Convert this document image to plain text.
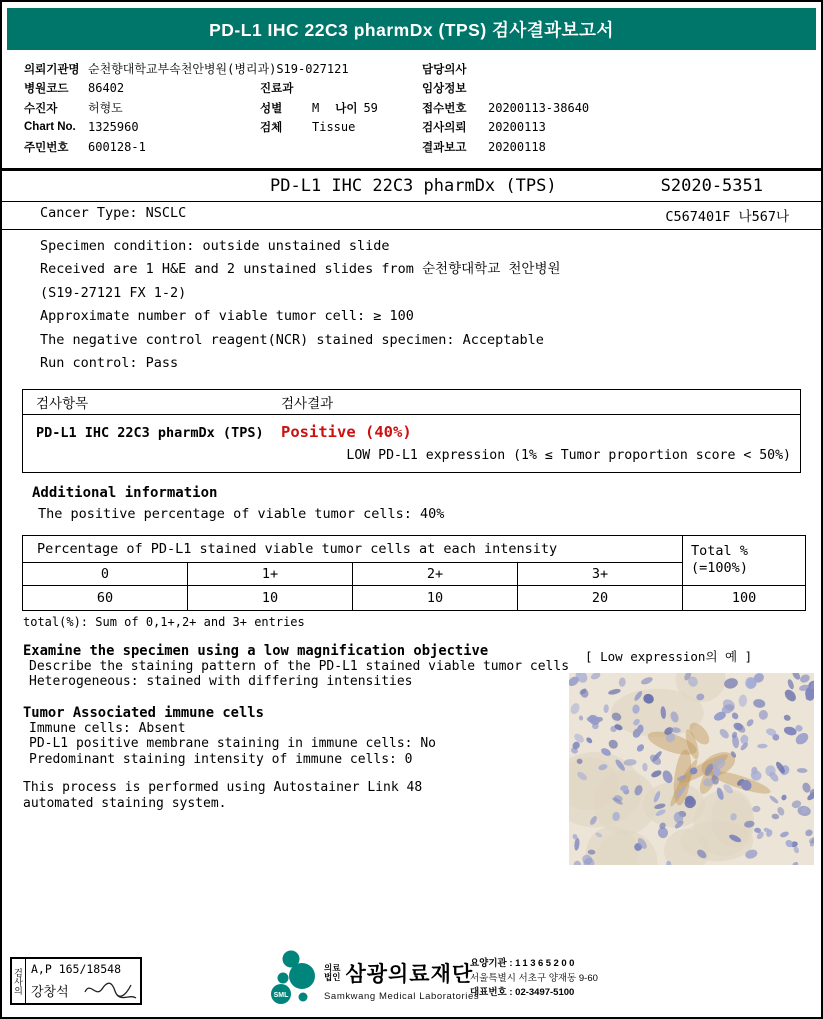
PD-L1 IHC 22C3 pharmDx (TPS) 검사결과보고서
의뢰기관명 순천향대학교부속천안병원(병리과)S19-027121	담당의사
병원코드	86402	진료과	임상정보
수진자	허형도	성별	M 나이 59	접수번호	20200113-38640
Chart No.	1325960	검체	Tissue	검사의뢰	20200113
주민번호	600128-1	결과보고	20200118
PD-L1 IHC 22C3 pharmDx (TPS)	S2020-5351
Cancer Type: NSCLC	C567401F 나567나
Specimen condition: outside unstained slide
Received are 1 H&E and 2 unstained slides from 순천향대학교 천안병원
(S19-27121 FX 1-2)
Approximate number of viable tumor cell: ≥ 100
The negative control reagent(NCR) stained specimen: Acceptable
Run control: Pass
검사항목	검사결과
PD-L1 IHC 22C3 pharmDx (TPS)	Positive (40%)
LOW PD-L1 expression (1% ≤ Tumor proportion score < 50%)
Additional information
The positive percentage of viable tumor cells: 40%
Percentage of PD-L1 stained viable tumor cells at each intensity				Total %
(=100%)

0	1+	2+	3+	
60	10	10	20	100
total(%): Sum of 0,1+,2+ and 3+ entries
Examine the specimen using a low magnification objective
Describe the staining pattern of the PD-L1 stained viable tumor cells
Heterogeneous: stained with differing intensities
Tumor Associated immune cells
Immune cells: Absent
PD-L1 positive membrane staining in immune cells: No
Predominant staining intensity of immune cells: 0
This process is performed using Autostainer Link 48
automated staining system.
[ Low expression의 예 ]
검사의 A,P 165/18548
강창석	SML
의료
법인 삼광의료재단
Samkwang Medical Laboratories
요양기관 : 11365200
서울특별시 서초구 양재동 9-60
대표번호 : 02-3497-5100
